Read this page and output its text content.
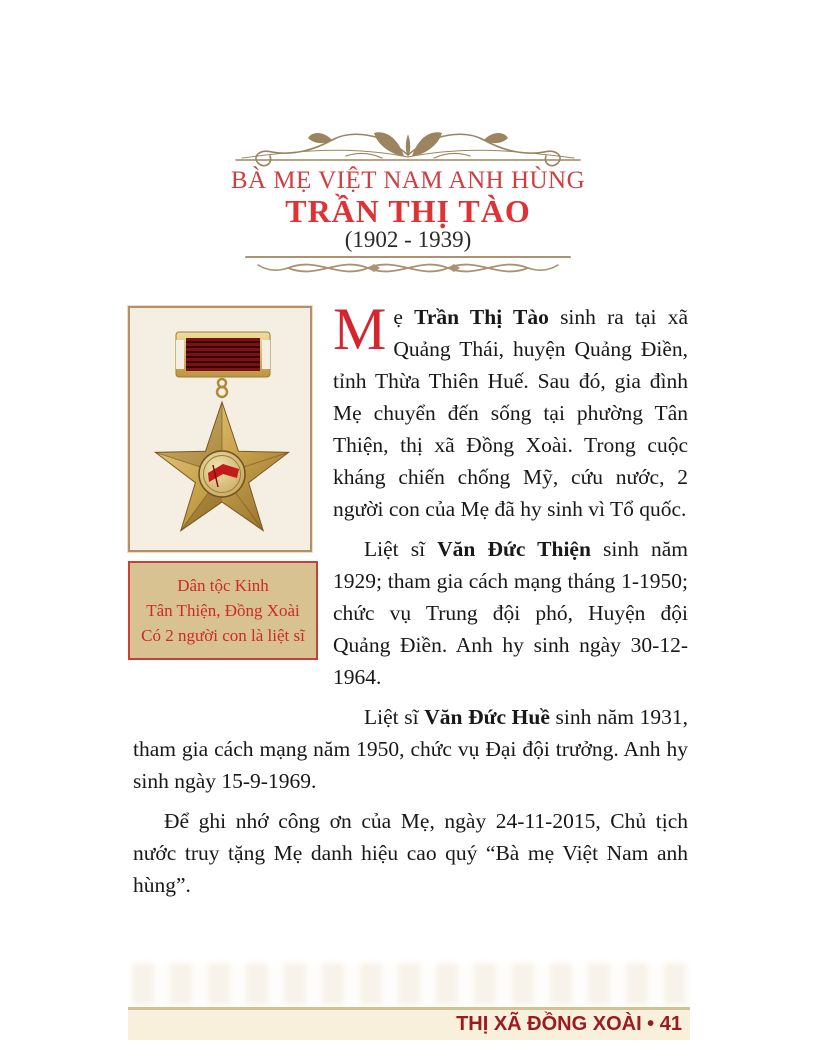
BÀ MẸ VIỆT NAM ANH HÙNG
TRẦN THỊ TÀO
(1902 - 1939)
Dân tộc Kinh
Tân Thiện, Đồng Xoài
Có 2 người con là liệt sĩ

Mẹ Trần Thị Tào sinh ra tại xã Quảng Thái, huyện Quảng Điền, tỉnh Thừa Thiên Huế. Sau đó, gia đình Mẹ chuyển đến sống tại phường Tân Thiện, thị xã Đồng Xoài. Trong cuộc kháng chiến chống Mỹ, cứu nước, 2 người con của Mẹ đã hy sinh vì Tổ quốc.

Liệt sĩ Văn Đức Thiện sinh năm 1929; tham gia cách mạng tháng 1-1950; chức vụ Trung đội phó, Huyện đội Quảng Điền. Anh hy sinh ngày 30-12-1964.

Liệt sĩ Văn Đức Huề sinh năm 1931, tham gia cách mạng năm 1950, chức vụ Đại đội trưởng. Anh hy sinh ngày 15-9-1969.

Để ghi nhớ công ơn của Mẹ, ngày 24-11-2015, Chủ tịch nước truy tặng Mẹ danh hiệu cao quý “Bà mẹ Việt Nam anh hùng”.

THỊ XÃ ĐỒNG XOÀI • 41
